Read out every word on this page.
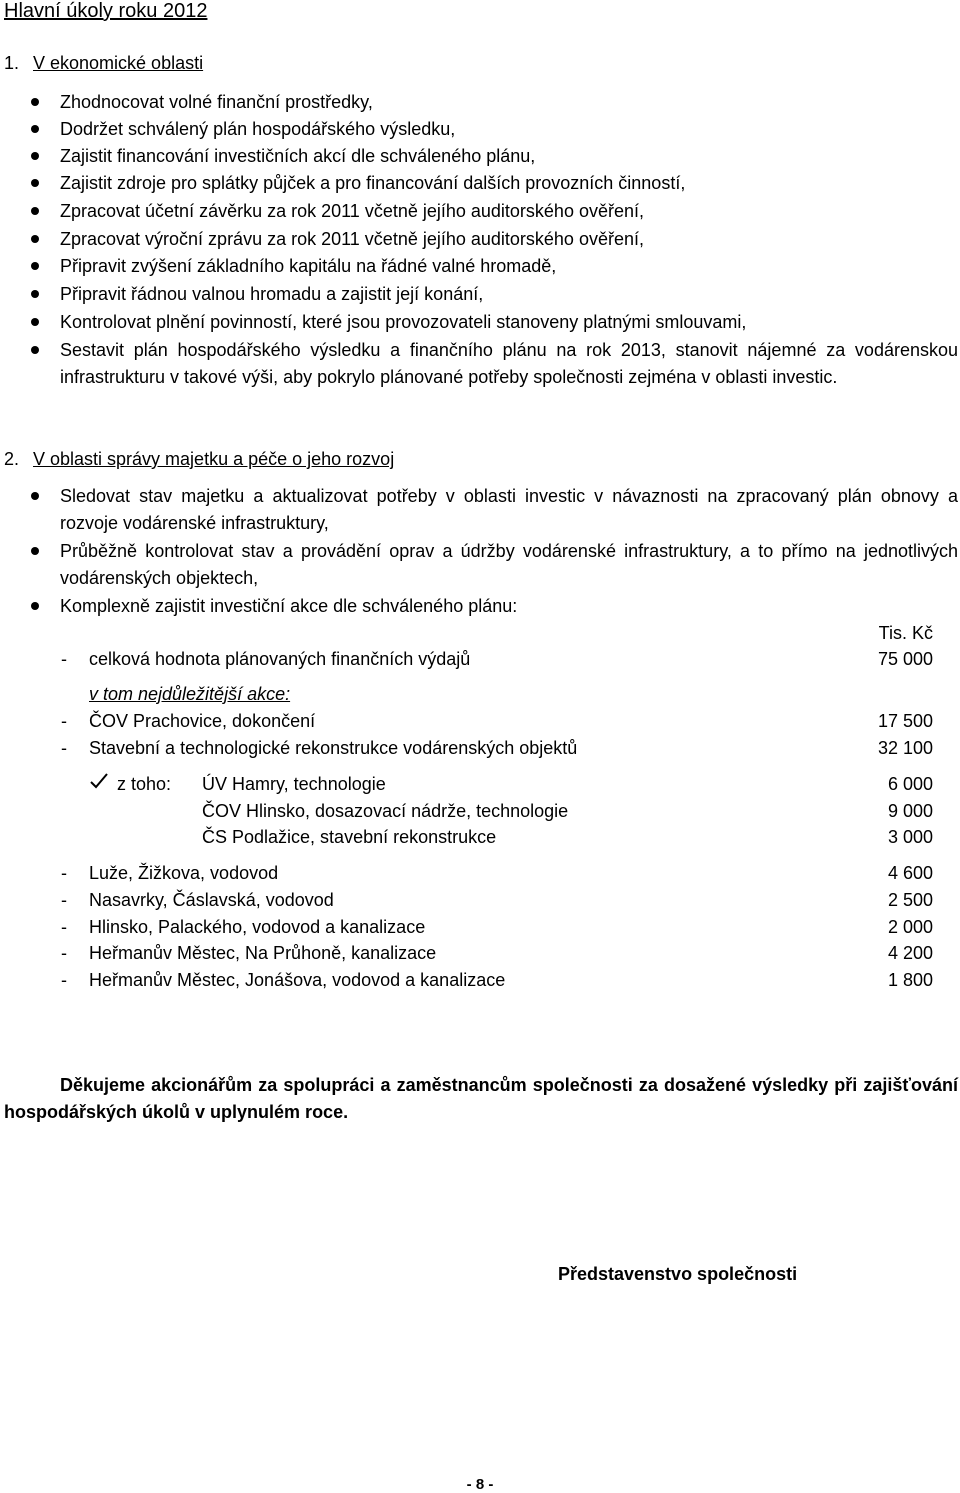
Hlavní úkoly roku 2012
1. V ekonomické oblasti
Zhodnocovat volné finanční prostředky,
Dodržet schválený plán hospodářského výsledku,
Zajistit financování investičních akcí dle schváleného plánu,
Zajistit zdroje pro splátky půjček a pro financování dalších provozních činností,
Zpracovat účetní závěrku za rok 2011 včetně jejího auditorského ověření,
Zpracovat výroční zprávu za rok 2011 včetně jejího auditorského ověření,
Připravit zvýšení základního kapitálu na řádné valné hromadě,
Připravit řádnou valnou hromadu a zajistit její konání,
Kontrolovat plnění povinností, které jsou provozovateli stanoveny platnými smlouvami,
Sestavit plán hospodářského výsledku a finančního plánu na rok 2013, stanovit nájemné za vodárenskou infrastrukturu v takové výši, aby pokrylo plánované potřeby společnosti zejména v oblasti investic.
2. V oblasti správy majetku a péče o jeho rozvoj
Sledovat stav majetku a aktualizovat potřeby v oblasti investic v návaznosti na zpracovaný plán obnovy a rozvoje vodárenské infrastruktury,
Průběžně kontrolovat stav a provádění oprav a údržby vodárenské infrastruktury, a to přímo na jednotlivých vodárenských objektech,
Komplexně zajistit investiční akce dle schváleného plánu:
Tis. Kč
- celková hodnota plánovaných finančních výdajů	75 000
v tom nejdůležitější akce:
- ČOV Prachovice, dokončení	17 500
- Stavební a technologické rekonstrukce vodárenských objektů	32 100
z toho: ÚV Hamry, technologie	6 000
ČOV Hlinsko, dosazovací nádrže, technologie	9 000
ČS Podlažice, stavební rekonstrukce	3 000
- Luže, Žižkova, vodovod	4 600
- Nasavrky, Čáslavská, vodovod	2 500
- Hlinsko, Palackého, vodovod a kanalizace	2 000
- Heřmanův Městec, Na Průhoně, kanalizace	4 200
- Heřmanův Městec, Jonášova, vodovod a kanalizace	1 800
Děkujeme akcionářům za spolupráci a zaměstnancům společnosti za dosažené výsledky při zajišťování hospodářských úkolů v uplynulém roce.
Představenstvo společnosti
- 8 -
